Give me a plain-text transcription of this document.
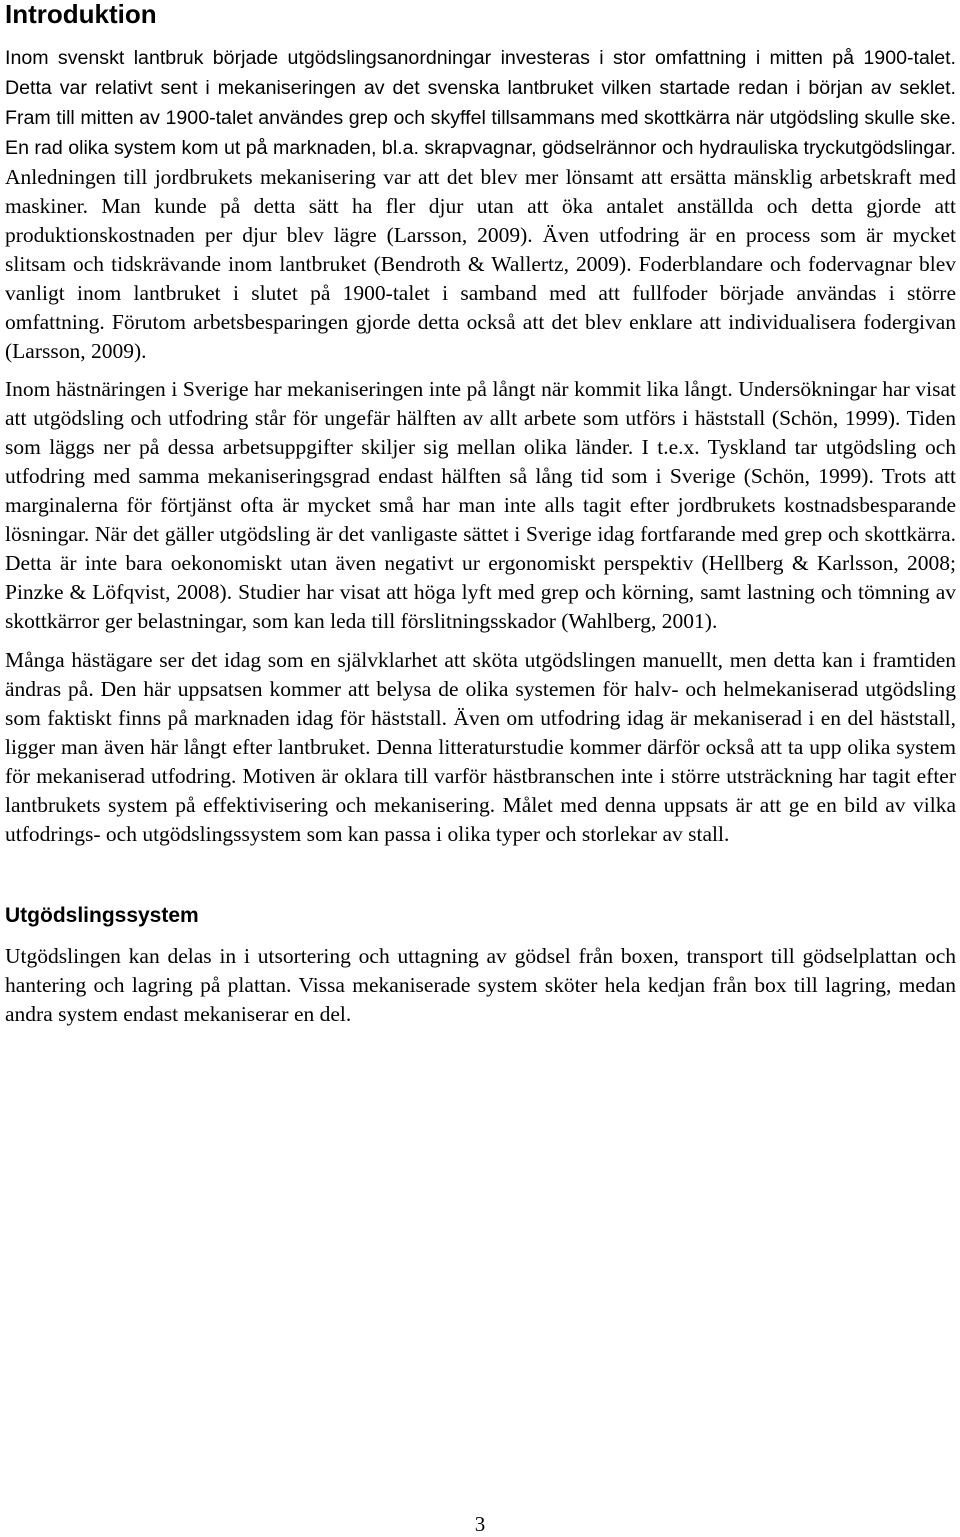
Introduktion

Inom svenskt lantbruk började utgödslingsanordningar investeras i stor omfattning i mitten på 1900-talet. Detta var relativt sent i mekaniseringen av det svenska lantbruket vilken startade redan i början av seklet. Fram till mitten av 1900-talet användes grep och skyffel tillsammans med skottkärra när utgödsling skulle ske. En rad olika system kom ut på marknaden, bl.a. skrapvagnar, gödselrännor och hydrauliska tryckutgödslingar. Anledningen till jordbrukets mekanisering var att det blev mer lönsamt att ersätta mänsklig arbetskraft med maskiner. Man kunde på detta sätt ha fler djur utan att öka antalet anställda och detta gjorde att produktionskostnaden per djur blev lägre (Larsson, 2009). Även utfodring är en process som är mycket slitsam och tidskrävande inom lantbruket (Bendroth & Wallertz, 2009). Foderblandare och fodervagnar blev vanligt inom lantbruket i slutet på 1900-talet i samband med att fullfoder började användas i större omfattning. Förutom arbetsbesparingen gjorde detta också att det blev enklare att individualisera fodergivan (Larsson, 2009).

Inom hästnäringen i Sverige har mekaniseringen inte på långt när kommit lika långt. Undersökningar har visat att utgödsling och utfodring står för ungefär hälften av allt arbete som utförs i häststall (Schön, 1999). Tiden som läggs ner på dessa arbetsuppgifter skiljer sig mellan olika länder. I t.e.x. Tyskland tar utgödsling och utfodring med samma mekaniseringsgrad endast hälften så lång tid som i Sverige (Schön, 1999). Trots att marginalerna för förtjänst ofta är mycket små har man inte alls tagit efter jordbrukets kostnadsbesparande lösningar. När det gäller utgödsling är det vanligaste sättet i Sverige idag fortfarande med grep och skottkärra. Detta är inte bara oekonomiskt utan även negativt ur ergonomiskt perspektiv (Hellberg & Karlsson, 2008; Pinzke & Löfqvist, 2008). Studier har visat att höga lyft med grep och körning, samt lastning och tömning av skottkärror ger belastningar, som kan leda till förslitningsskador (Wahlberg, 2001).

Många hästägare ser det idag som en självklarhet att sköta utgödslingen manuellt, men detta kan i framtiden ändras på. Den här uppsatsen kommer att belysa de olika systemen för halv- och helmekaniserad utgödsling som faktiskt finns på marknaden idag för häststall. Även om utfodring idag är mekaniserad i en del häststall, ligger man även här långt efter lantbruket. Denna litteraturstudie kommer därför också att ta upp olika system för mekaniserad utfodring. Motiven är oklara till varför hästbranschen inte i större utsträckning har tagit efter lantbrukets system på effektivisering och mekanisering. Målet med denna uppsats är att ge en bild av vilka utfodrings- och utgödslingssystem som kan passa i olika typer och storlekar av stall.

Utgödslingssystem

Utgödslingen kan delas in i utsortering och uttagning av gödsel från boxen, transport till gödselplattan och hantering och lagring på plattan. Vissa mekaniserade system sköter hela kedjan från box till lagring, medan andra system endast mekaniserar en del.

3
